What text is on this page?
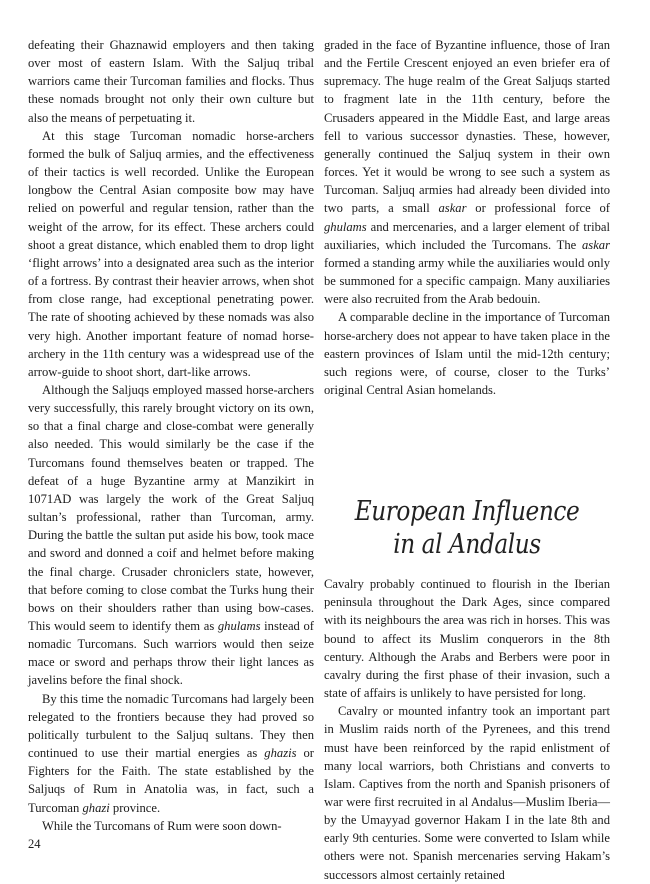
defeating their Ghaznawid employers and then taking over most of eastern Islam. With the Saljuq tribal warriors came their Turcoman families and flocks. Thus these nomads brought not only their own culture but also the means of perpetuating it.

At this stage Turcoman nomadic horse-archers formed the bulk of Saljuq armies, and the effectiveness of their tactics is well recorded. Unlike the European longbow the Central Asian composite bow may have relied on powerful and regular tension, rather than the weight of the arrow, for its effect. These archers could shoot a great distance, which enabled them to drop light ‘flight arrows’ into a designated area such as the interior of a fortress. By contrast their heavier arrows, when shot from close range, had exceptional penetrating power. The rate of shooting achieved by these nomads was also very high. Another important feature of nomad horse-archery in the 11th century was a widespread use of the arrow-guide to shoot short, dart-like arrows.

Although the Saljuqs employed massed horse-archers very successfully, this rarely brought victory on its own, so that a final charge and close-combat were generally also needed. This would similarly be the case if the Turcomans found themselves beaten or trapped. The defeat of a huge Byzantine army at Manzikirt in 1071AD was largely the work of the Great Saljuq sultan’s professional, rather than Turcoman, army. During the battle the sultan put aside his bow, took mace and sword and donned a coif and helmet before making the final charge. Crusader chroniclers state, however, that before coming to close combat the Turks hung their bows on their shoulders rather than using bow-cases. This would seem to identify them as ghulams instead of nomadic Turcomans. Such warriors would then seize mace or sword and perhaps throw their light lances as javelins before the final shock.

By this time the nomadic Turcomans had largely been relegated to the frontiers because they had proved so politically turbulent to the Saljuq sultans. They then continued to use their martial energies as ghazis or Fighters for the Faith. The state established by the Saljuqs of Rum in Anatolia was, in fact, such a Turcoman ghazi province.

While the Turcomans of Rum were soon down-

graded in the face of Byzantine influence, those of Iran and the Fertile Crescent enjoyed an even briefer era of supremacy. The huge realm of the Great Saljuqs started to fragment late in the 11th century, before the Crusaders appeared in the Middle East, and large areas fell to various successor dynasties. These, however, generally continued the Saljuq system in their own forces. Yet it would be wrong to see such a system as Turcoman. Saljuq armies had already been divided into two parts, a small askar or professional force of ghulams and mercenaries, and a larger element of tribal auxiliaries, which included the Turcomans. The askar formed a standing army while the auxiliaries would only be summoned for a specific campaign. Many auxiliaries were also recruited from the Arab bedouin.

A comparable decline in the importance of Turcoman horse-archery does not appear to have taken place in the eastern provinces of Islam until the mid-12th century; such regions were, of course, closer to the Turks’ original Central Asian homelands.

European Influence
in al Andalus

Cavalry probably continued to flourish in the Iberian peninsula throughout the Dark Ages, since compared with its neighbours the area was rich in horses. This was bound to affect its Muslim conquerors in the 8th century. Although the Arabs and Berbers were poor in cavalry during the first phase of their invasion, such a state of affairs is unlikely to have persisted for long.

Cavalry or mounted infantry took an important part in Muslim raids north of the Pyrenees, and this trend must have been reinforced by the rapid enlistment of many local warriors, both Christians and converts to Islam. Captives from the north and Spanish prisoners of war were first recruited in al Andalus—Muslim Iberia—by the Umayyad governor Hakam I in the late 8th and early 9th centuries. Some were converted to Islam while others were not. Spanish mercenaries serving Hakam’s successors almost certainly retained

24
